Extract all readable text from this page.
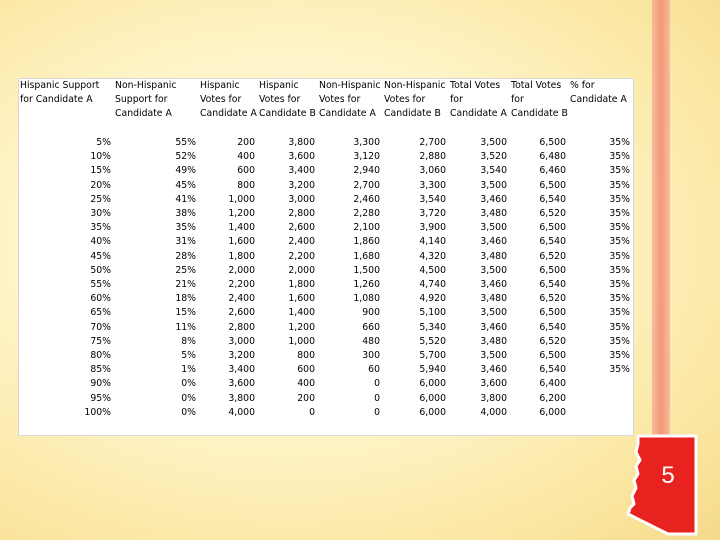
Hispanic Support for Candidate A	Non-Hispanic Support for Candidate A	Hispanic Votes for Candidate A	Hispanic Votes for Candidate B	Non-Hispanic Votes for Candidate A	Non-Hispanic Votes for Candidate B	Total Votes for Candidate A	Total Votes for Candidate B	% for Candidate A
5%	55%	200	3,800	3,300	2,700	3,500	6,500	35%
10%	52%	400	3,600	3,120	2,880	3,520	6,480	35%
15%	49%	600	3,400	2,940	3,060	3,540	6,460	35%
20%	45%	800	3,200	2,700	3,300	3,500	6,500	35%
25%	41%	1,000	3,000	2,460	3,540	3,460	6,540	35%
30%	38%	1,200	2,800	2,280	3,720	3,480	6,520	35%
35%	35%	1,400	2,600	2,100	3,900	3,500	6,500	35%
40%	31%	1,600	2,400	1,860	4,140	3,460	6,540	35%
45%	28%	1,800	2,200	1,680	4,320	3,480	6,520	35%
50%	25%	2,000	2,000	1,500	4,500	3,500	6,500	35%
55%	21%	2,200	1,800	1,260	4,740	3,460	6,540	35%
60%	18%	2,400	1,600	1,080	4,920	3,480	6,520	35%
65%	15%	2,600	1,400	900	5,100	3,500	6,500	35%
70%	11%	2,800	1,200	660	5,340	3,460	6,540	35%
75%	8%	3,000	1,000	480	5,520	3,480	6,520	35%
80%	5%	3,200	800	300	5,700	3,500	6,500	35%
85%	1%	3,400	600	60	5,940	3,460	6,540	35%
90%	0%	3,600	400	0	6,000	3,600	6,400	
95%	0%	3,800	200	0	6,000	3,800	6,200	
100%	0%	4,000	0	0	6,000	4,000	6,000	
5
